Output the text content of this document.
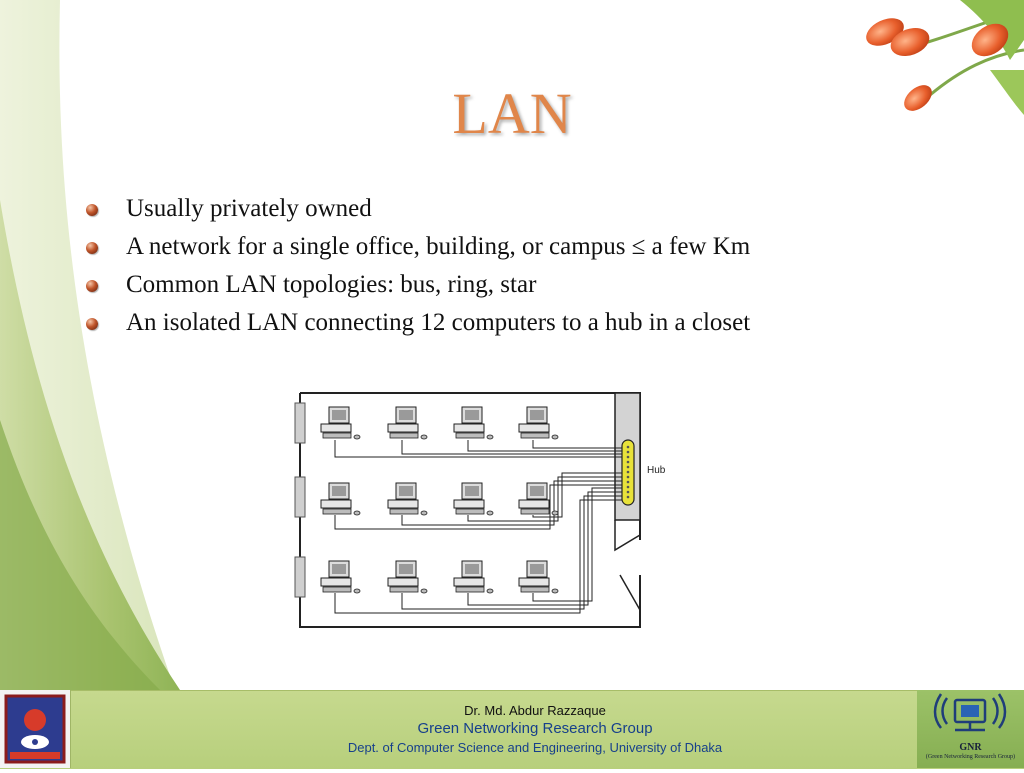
LAN
Usually privately owned
A network for a single office, building, or campus ≤ a few Km
Common LAN topologies: bus, ring, star
An isolated LAN connecting 12 computers to a hub in a closet
Hub
Dr. Md. Abdur Razzaque
Green Networking Research Group
Dept. of Computer Science and Engineering, University of Dhaka	GNR
(Green Networking Research Group)
